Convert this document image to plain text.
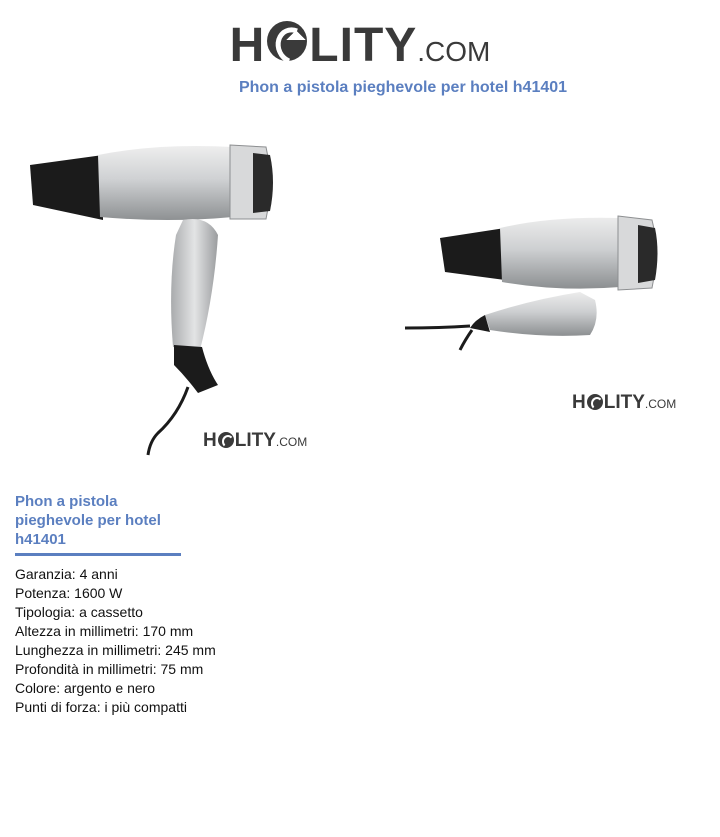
H LITY .COM
Phon a pistola pieghevole per hotel h41401
H LITY.COM
H LITY.COM
Phon a pistola pieghevole per hotel h41401
Garanzia: 4 anni
Potenza: 1600 W
Tipologia: a cassetto
Altezza in millimetri: 170 mm
Lunghezza in millimetri: 245 mm
Profondità in millimetri: 75 mm
Colore: argento e nero
Punti di forza: i più compatti
